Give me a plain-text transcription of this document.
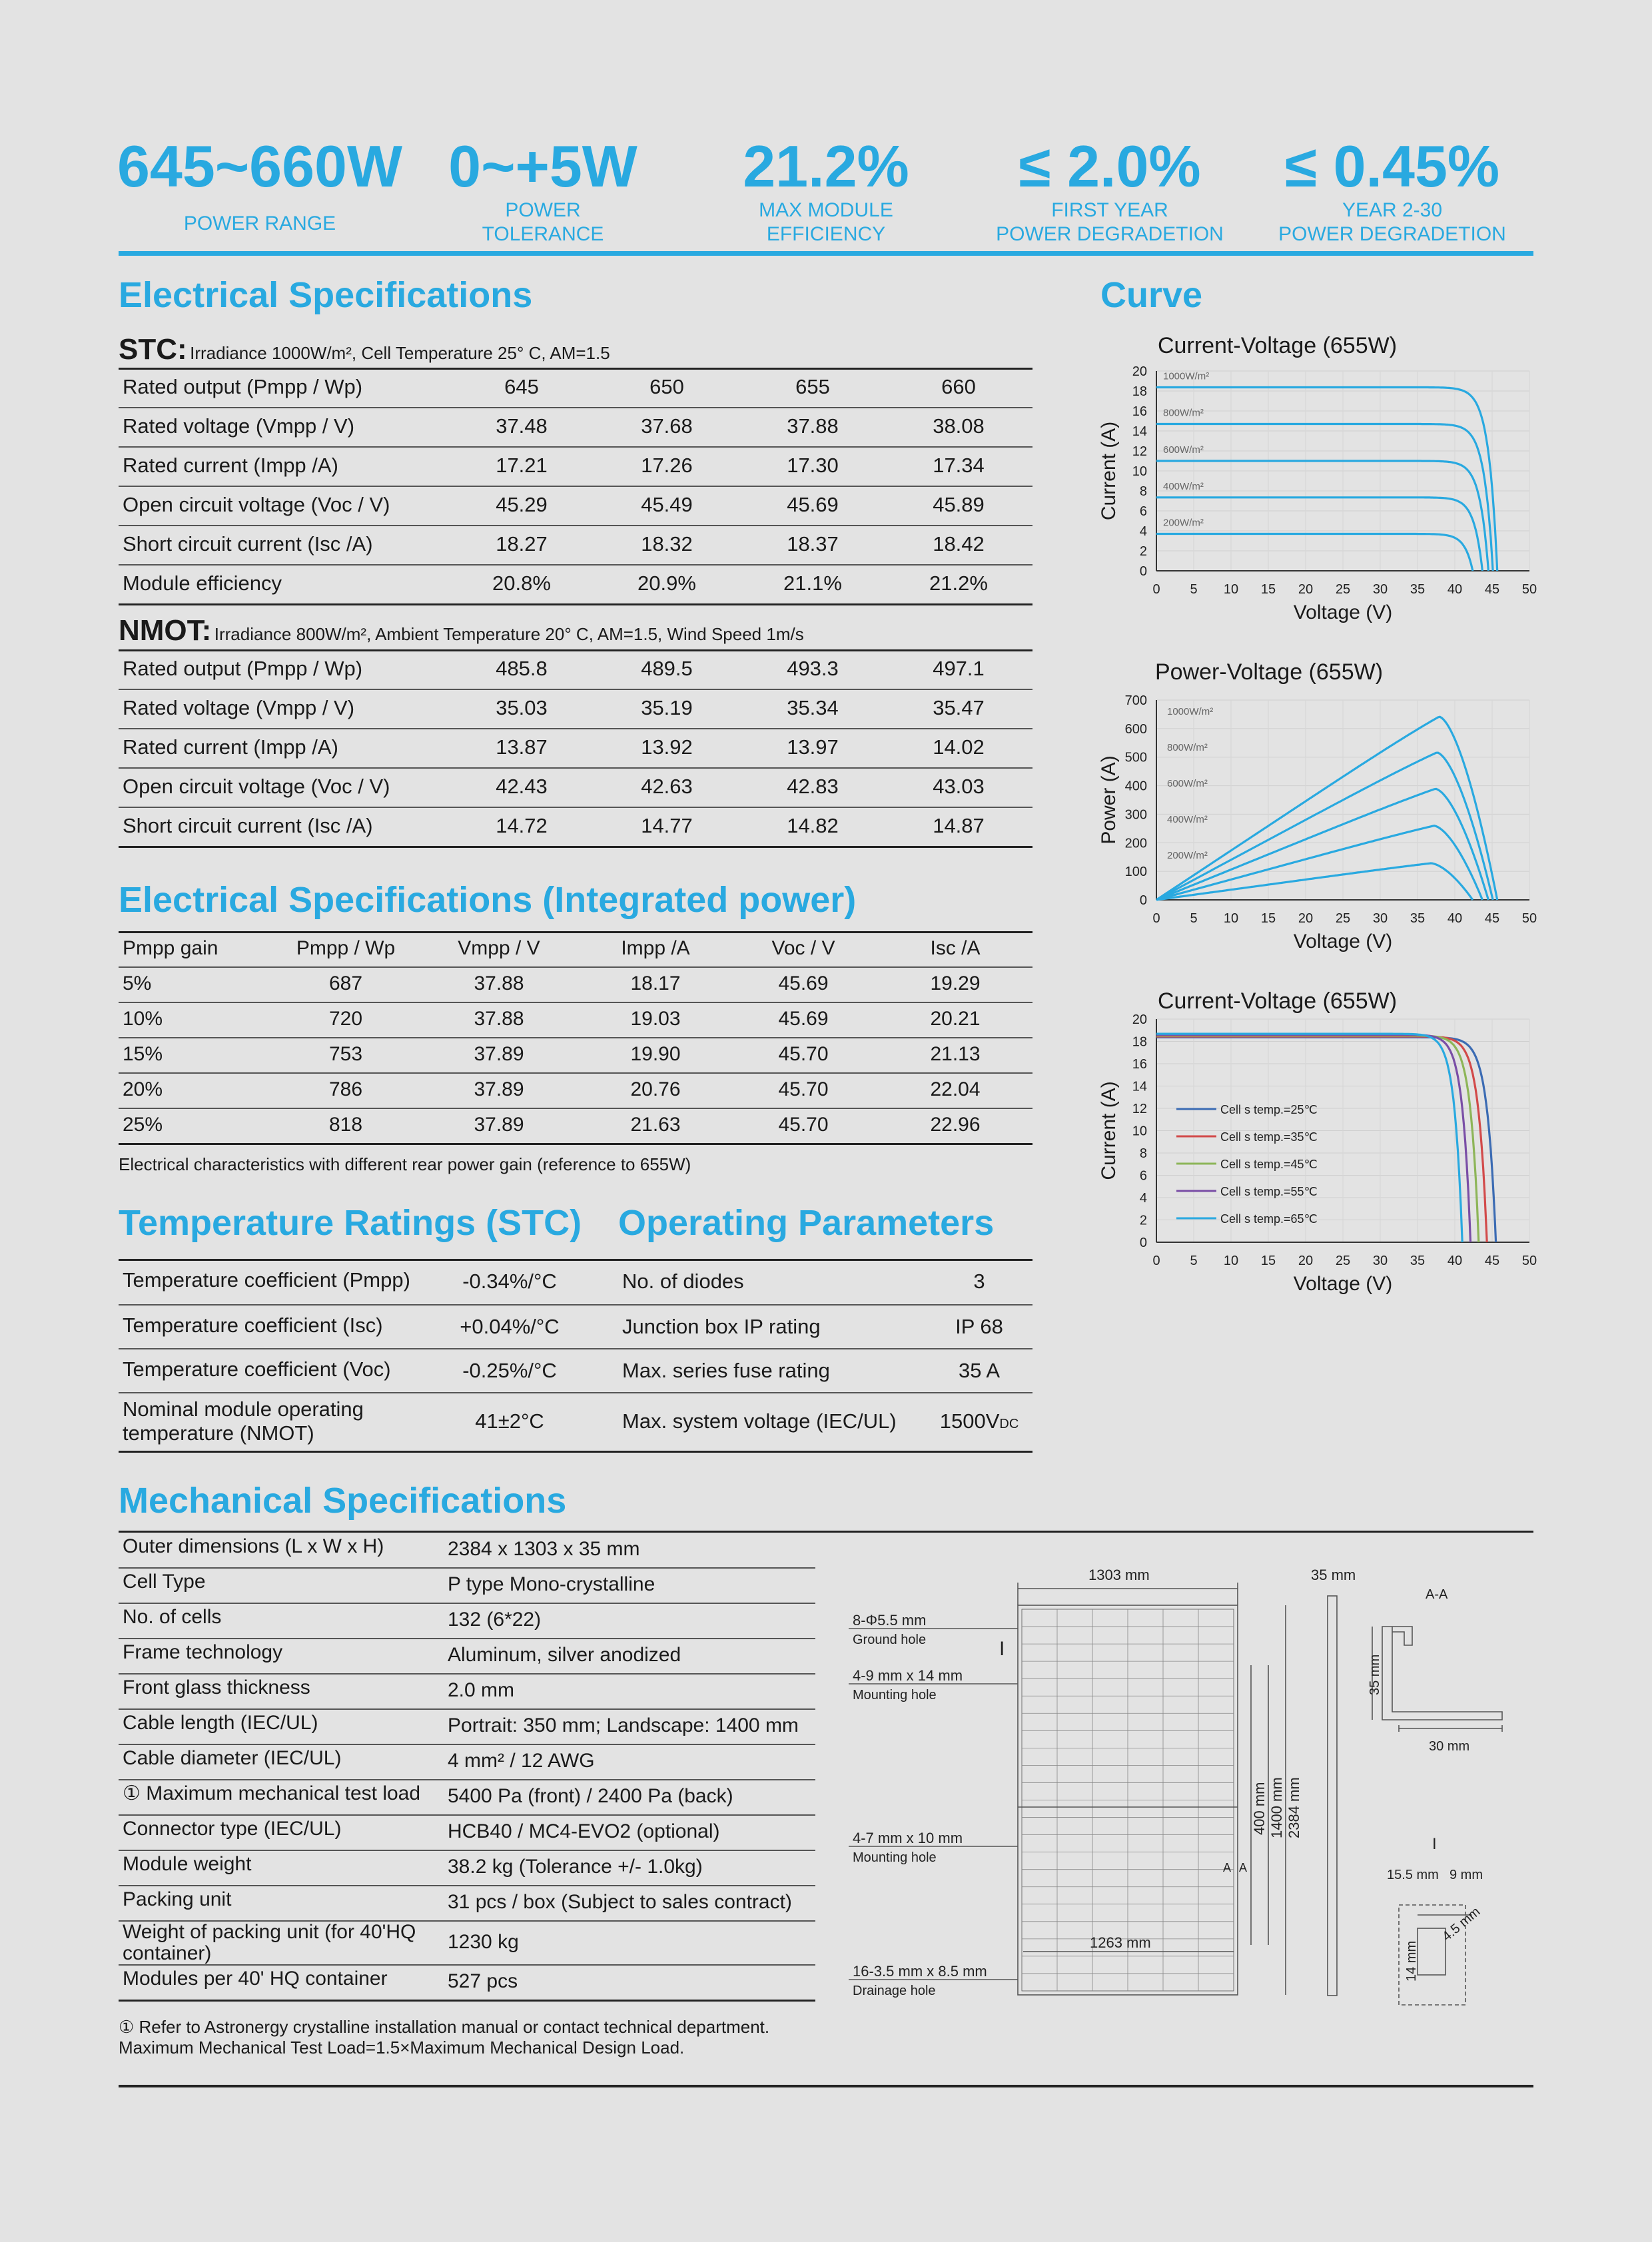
645~660W
POWER RANGE
0~+5W
POWER
TOLERANCE
21.2%
MAX MODULE
EFFICIENCY
≤ 2.0%
FIRST YEAR
POWER DEGRADETION
≤ 0.45%
YEAR 2-30
POWER DEGRADETION
Electrical Specifications
STC: Irradiance 1000W/m², Cell Temperature 25° C, AM=1.5
Rated output (Pmpp / Wp)	645	650	655	660
Rated voltage (Vmpp / V)	37.48	37.68	37.88	38.08
Rated current (Impp /A)	17.21	17.26	17.30	17.34
Open circuit voltage (Voc / V)	45.29	45.49	45.69	45.89
Short circuit current (Isc /A)	18.27	18.32	18.37	18.42
Module efficiency	20.8%	20.9%	21.1%	21.2%
NMOT: Irradiance 800W/m², Ambient Temperature 20° C, AM=1.5, Wind Speed 1m/s
Rated output (Pmpp / Wp)	485.8	489.5	493.3	497.1
Rated voltage (Vmpp / V)	35.03	35.19	35.34	35.47
Rated current (Impp /A)	13.87	13.92	13.97	14.02
Open circuit voltage (Voc / V)	42.43	42.63	42.83	43.03
Short circuit current (Isc /A)	14.72	14.77	14.82	14.87
Electrical Specifications (Integrated power)
Pmpp gain	Pmpp / Wp	Vmpp / V	Impp /A	Voc / V	Isc /A
5%	687	37.88	18.17	45.69	19.29
10%	720	37.88	19.03	45.69	20.21
15%	753	37.89	19.90	45.70	21.13
20%	786	37.89	20.76	45.70	22.04
25%	818	37.89	21.63	45.70	22.96
Electrical characteristics with different rear power gain (reference to 655W)
Temperature Ratings (STC) Operating Parameters
Temperature coefficient (Pmpp)	-0.34%/°C	No. of diodes	3
Temperature coefficient (Isc)	+0.04%/°C	Junction box IP rating	IP 68
Temperature coefficient (Voc)	-0.25%/°C	Max. series fuse rating	35 A
Nominal module operating
temperature (NMOT)
41±2°C	Max. system voltage (IEC/UL)	1500VDC
Mechanical Specifications
Outer dimensions (L x W x H)	2384 x 1303 x 35 mm
Cell Type	P type Mono-crystalline
No. of cells	132 (6*22)
Frame technology	Aluminum, silver anodized
Front glass thickness	2.0 mm
Cable length (IEC/UL)	Portrait: 350 mm; Landscape: 1400 mm
Cable diameter (IEC/UL)	4 mm² / 12 AWG
① Maximum mechanical test load 5400 Pa (front) / 2400 Pa (back)
Connector type (IEC/UL)	HCB40 / MC4-EVO2 (optional)
Module weight	38.2 kg (Tolerance +/- 1.0kg)
Packing unit	31 pcs / box (Subject to sales contract)
Weight of packing unit (for 40'HQ
container)
1230 kg
Modules per 40' HQ container	527 pcs
① Refer to Astronergy crystalline installation manual or contact technical department.
Maximum Mechanical Test Load=1.5×Maximum Mechanical Design Load.
Curve
Current-Voltage (655W)
0 5 10 15 20 25 30 35 40 45 50
0
2
4
6
8
10
12
14
16
18
20
Voltage (V)
Current (A)
1000W/m²
800W/m²
600W/m²
400W/m²
200W/m²
Power-Voltage (655W)
0 5 10 15 20 25 30 35 40 45 50
0
100
200
300
400
500
600
700
Voltage (V)
Power (A)
1000W/m²
800W/m²
600W/m²
400W/m²
200W/m²
Current-Voltage (655W)
0 5 10 15 20 25 30 35 40 45 50
0
2
4
6
8
10
12
14
16
18
20
Voltage (V)
Current (A)	Cell s temp.=25℃
Cell s temp.=35℃
Cell s temp.=45℃
Cell s temp.=55℃
Cell s temp.=65℃
1303 mm	35 mm
A-A
8-Φ5.5 mm
Ground hole	I
4-9 mm x 14 mm
Mounting hole
4-7 mm x 10 mm
Mounting hole
16-3.5 mm x 8.5 mm
Drainage hole
1263 mm
400 mm 1400 mm 2384 mm
35 mm
30 mm
I
15.5 mm 9 mm
14 mm
4.5 mm
A A
